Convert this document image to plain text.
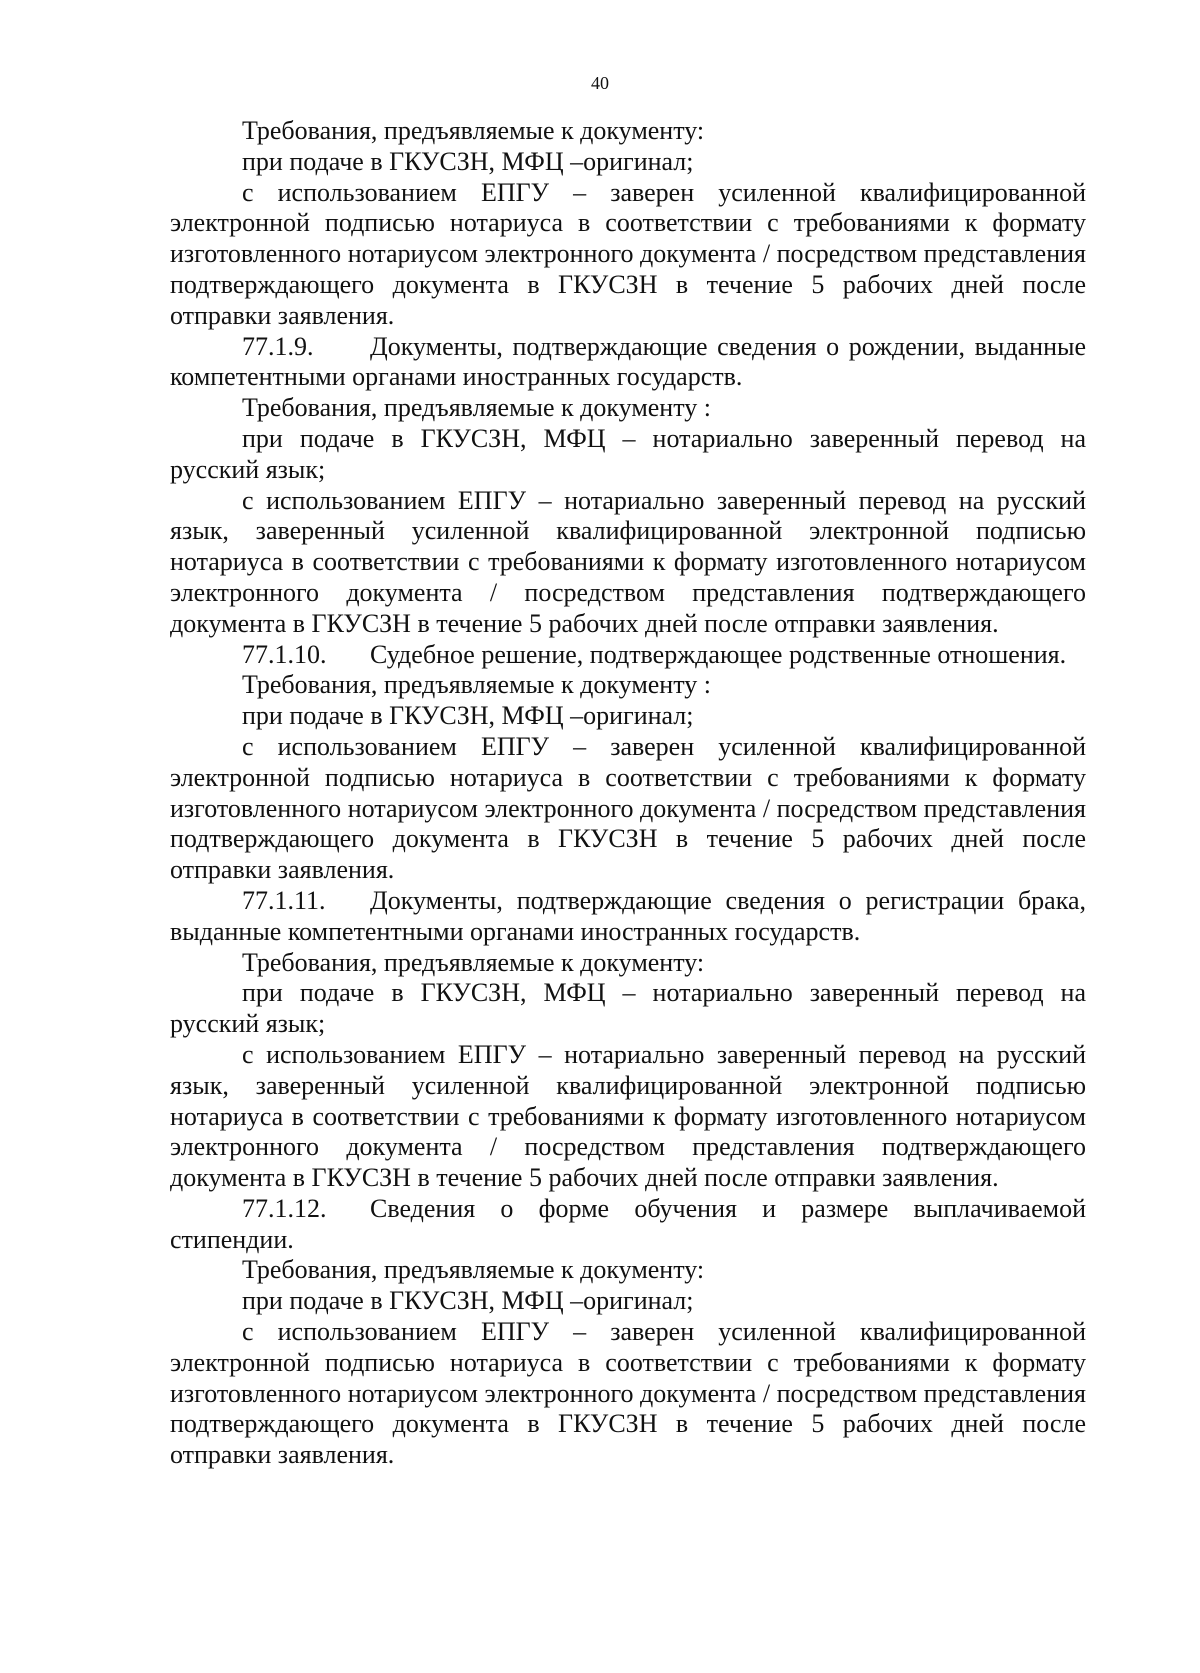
40

Требования, предъявляемые к документу:

при подаче в ГКУСЗН, МФЦ –оригинал;

с использованием ЕПГУ – заверен усиленной квалифицированной электронной подписью нотариуса в соответствии с требованиями к формату изготовленного нотариусом электронного документа / посредством представления подтверждающего документа в ГКУСЗН в течение 5 рабочих дней после отправки заявления.

77.1.9. Документы, подтверждающие сведения о рождении, выданные компетентными органами иностранных государств.

Требования, предъявляемые к документу :

при подаче в ГКУСЗН, МФЦ – нотариально заверенный перевод на русский язык;

с использованием ЕПГУ – нотариально заверенный перевод на русский язык, заверенный усиленной квалифицированной электронной подписью нотариуса в соответствии с требованиями к формату изготовленного нотариусом электронного документа / посредством представления подтверждающего документа в ГКУСЗН в течение 5 рабочих дней после отправки заявления.

77.1.10. Судебное решение, подтверждающее родственные отношения.

Требования, предъявляемые к документу :

при подаче в ГКУСЗН, МФЦ –оригинал;

с использованием ЕПГУ – заверен усиленной квалифицированной электронной подписью нотариуса в соответствии с требованиями к формату изготовленного нотариусом электронного документа / посредством представления подтверждающего документа в ГКУСЗН в течение 5 рабочих дней после отправки заявления.

77.1.11. Документы, подтверждающие сведения о регистрации брака, выданные компетентными органами иностранных государств.

Требования, предъявляемые к документу:

при подаче в ГКУСЗН, МФЦ – нотариально заверенный перевод на русский язык;

с использованием ЕПГУ – нотариально заверенный перевод на русский язык, заверенный усиленной квалифицированной электронной подписью нотариуса в соответствии с требованиями к формату изготовленного нотариусом электронного документа / посредством представления подтверждающего документа в ГКУСЗН в течение 5 рабочих дней после отправки заявления.

77.1.12. Сведения о форме обучения и размере выплачиваемой стипендии.

Требования, предъявляемые к документу:

при подаче в ГКУСЗН, МФЦ –оригинал;

с использованием ЕПГУ – заверен усиленной квалифицированной электронной подписью нотариуса в соответствии с требованиями к формату изготовленного нотариусом электронного документа / посредством представления подтверждающего документа в ГКУСЗН в течение 5 рабочих дней после отправки заявления.
